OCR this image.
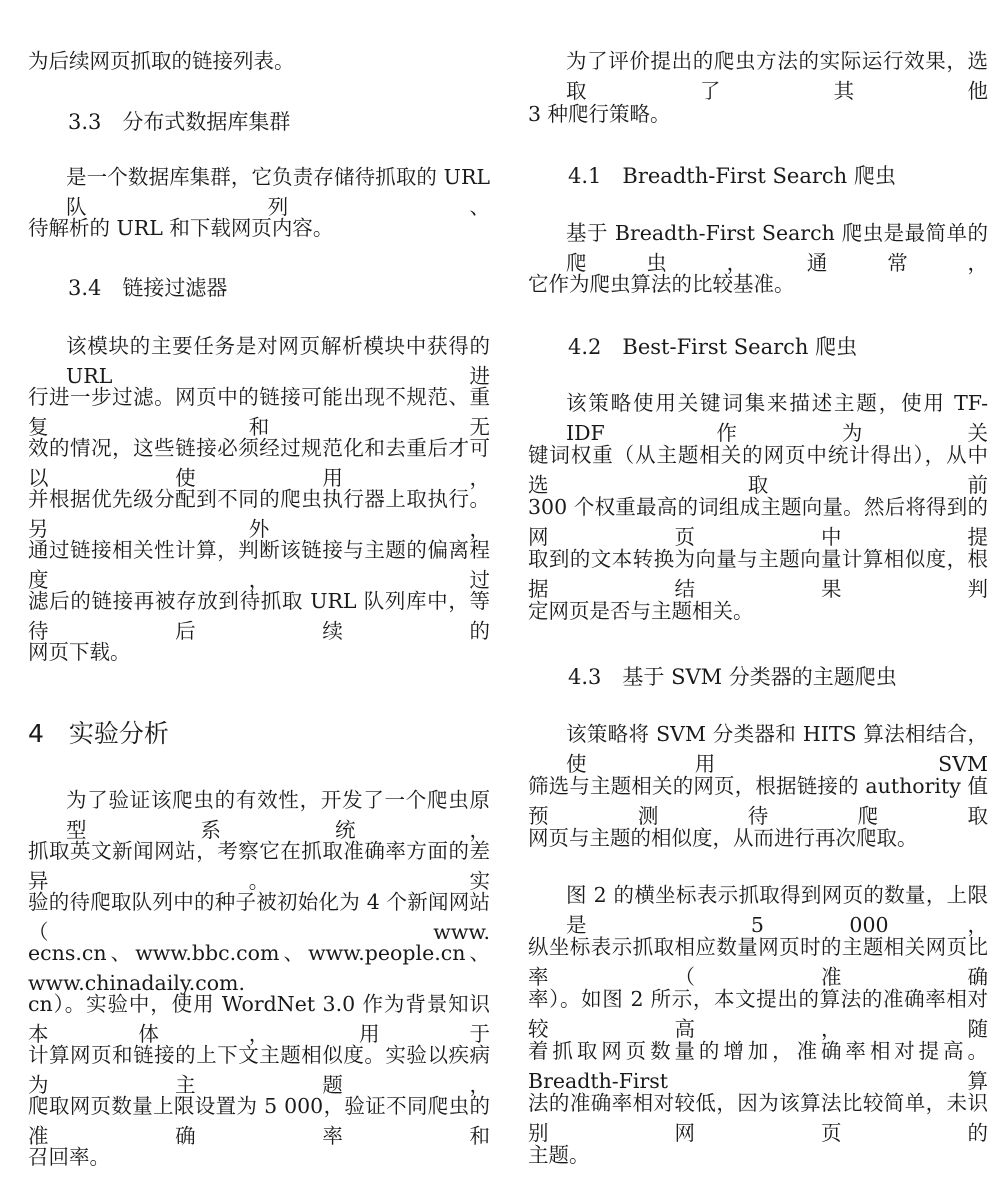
为后续网页抓取的链接列表。
3.3　分布式数据库集群
是一个数据库集群，它负责存储待抓取的 URL 队列、
待解析的 URL 和下载网页内容。
3.4　链接过滤器
该模块的主要任务是对网页解析模块中获得的 URL 进
行进一步过滤。网页中的链接可能出现不规范、重复和无
效的情况，这些链接必须经过规范化和去重后才可以使用，
并根据优先级分配到不同的爬虫执行器上取执行。另外，
通过链接相关性计算，判断该链接与主题的偏离程度，过
滤后的链接再被存放到待抓取 URL 队列库中，等待后续的
网页下载。
4　实验分析
为了验证该爬虫的有效性，开发了一个爬虫原型系统，
抓取英文新闻网站，考察它在抓取准确率方面的差异。实
验的待爬取队列中的种子被初始化为 4 个新闻网站（www.
ecns.cn、www.bbc.com、www.people.cn、www.chinadaily.com.
cn）。实验中，使用 WordNet 3.0 作为背景知识本体，用于
计算网页和链接的上下文主题相似度。实验以疾病为主题，
爬取网页数量上限设置为 5 000，验证不同爬虫的准确率和
召回率。
为了评价提出的爬虫方法的实际运行效果，选取了其他
3 种爬行策略。
4.1　Breadth-First Search 爬虫
基于 Breadth-First Search 爬虫是最简单的爬虫，通常，
它作为爬虫算法的比较基准。
4.2　Best-First Search 爬虫
该策略使用关键词集来描述主题，使用 TF-IDF 作为关
键词权重（从主题相关的网页中统计得出），从中选取前
300 个权重最高的词组成主题向量。然后将得到的网页中提
取到的文本转换为向量与主题向量计算相似度，根据结果判
定网页是否与主题相关。
4.3　基于 SVM 分类器的主题爬虫
该策略将 SVM 分类器和 HITS 算法相结合，使用 SVM
筛选与主题相关的网页，根据链接的 authority 值预测待爬取
网页与主题的相似度，从而进行再次爬取。
图 2 的横坐标表示抓取得到网页的数量，上限是 5 000，
纵坐标表示抓取相应数量网页时的主题相关网页比率（准确
率）。如图 2 所示，本文提出的算法的准确率相对较高，随
着抓取网页数量的增加，准确率相对提高。Breadth-First 算
法的准确率相对较低，因为该算法比较简单，未识别网页的
主题。
